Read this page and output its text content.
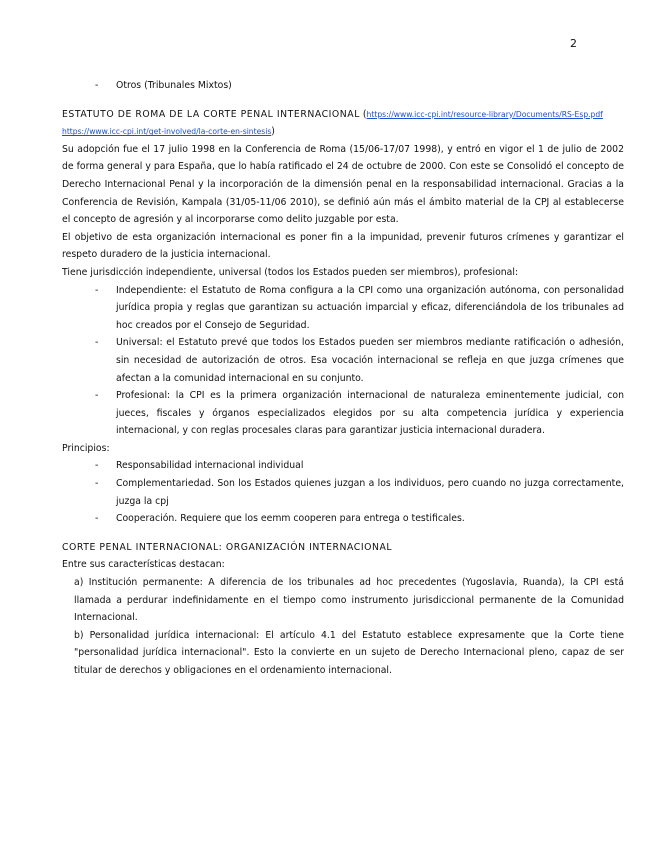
2
- Otros (Tribunales Mixtos)

ESTATUTO DE ROMA DE LA CORTE PENAL INTERNACIONAL (https://www.icc-cpi.int/resource-library/Documents/RS-Esp.pdf https://www.icc-cpi.int/get-involved/la-corte-en-sintesis)

Su adopción fue el 17 julio 1998 en la Conferencia de Roma (15/06-17/07 1998), y entró en vigor el 1 de julio de 2002 de forma general y para España, que lo había ratificado el 24 de octubre de 2000. Con este se Consolidó el concepto de Derecho Internacional Penal y la incorporación de la dimensión penal en la responsabilidad internacional. Gracias a la Conferencia de Revisión, Kampala (31/05-11/06 2010), se definió aún más el ámbito material de la CPJ al establecerse el concepto de agresión y al incorporarse como delito juzgable por esta.

El objetivo de esta organización internacional es poner fin a la impunidad, prevenir futuros crímenes y garantizar el respeto duradero de la justicia internacional.

Tiene jurisdicción independiente, universal (todos los Estados pueden ser miembros), profesional:

- Independiente: el Estatuto de Roma configura a la CPI como una organización autónoma, con personalidad jurídica propia y reglas que garantizan su actuación imparcial y eficaz, diferenciándola de los tribunales ad hoc creados por el Consejo de Seguridad.
- Universal: el Estatuto prevé que todos los Estados pueden ser miembros mediante ratificación o adhesión, sin necesidad de autorización de otros. Esa vocación internacional se refleja en que juzga crímenes que afectan a la comunidad internacional en su conjunto.
- Profesional: la CPI es la primera organización internacional de naturaleza eminentemente judicial, con jueces, fiscales y órganos especializados elegidos por su alta competencia jurídica y experiencia internacional, y con reglas procesales claras para garantizar justicia internacional duradera.

Principios:

- Responsabilidad internacional individual
- Complementariedad. Son los Estados quienes juzgan a los individuos, pero cuando no juzga correctamente, juzga la cpj
- Cooperación. Requiere que los eemm cooperen para entrega o testificales.

CORTE PENAL INTERNACIONAL: ORGANIZACIÓN INTERNACIONAL

Entre sus características destacan:

a) Institución permanente: A diferencia de los tribunales ad hoc precedentes (Yugoslavia, Ruanda), la CPI está llamada a perdurar indefinidamente en el tiempo como instrumento jurisdiccional permanente de la Comunidad Internacional.

b) Personalidad jurídica internacional: El artículo 4.1 del Estatuto establece expresamente que la Corte tiene "personalidad jurídica internacional". Esto la convierte en un sujeto de Derecho Internacional pleno, capaz de ser titular de derechos y obligaciones en el ordenamiento internacional.
